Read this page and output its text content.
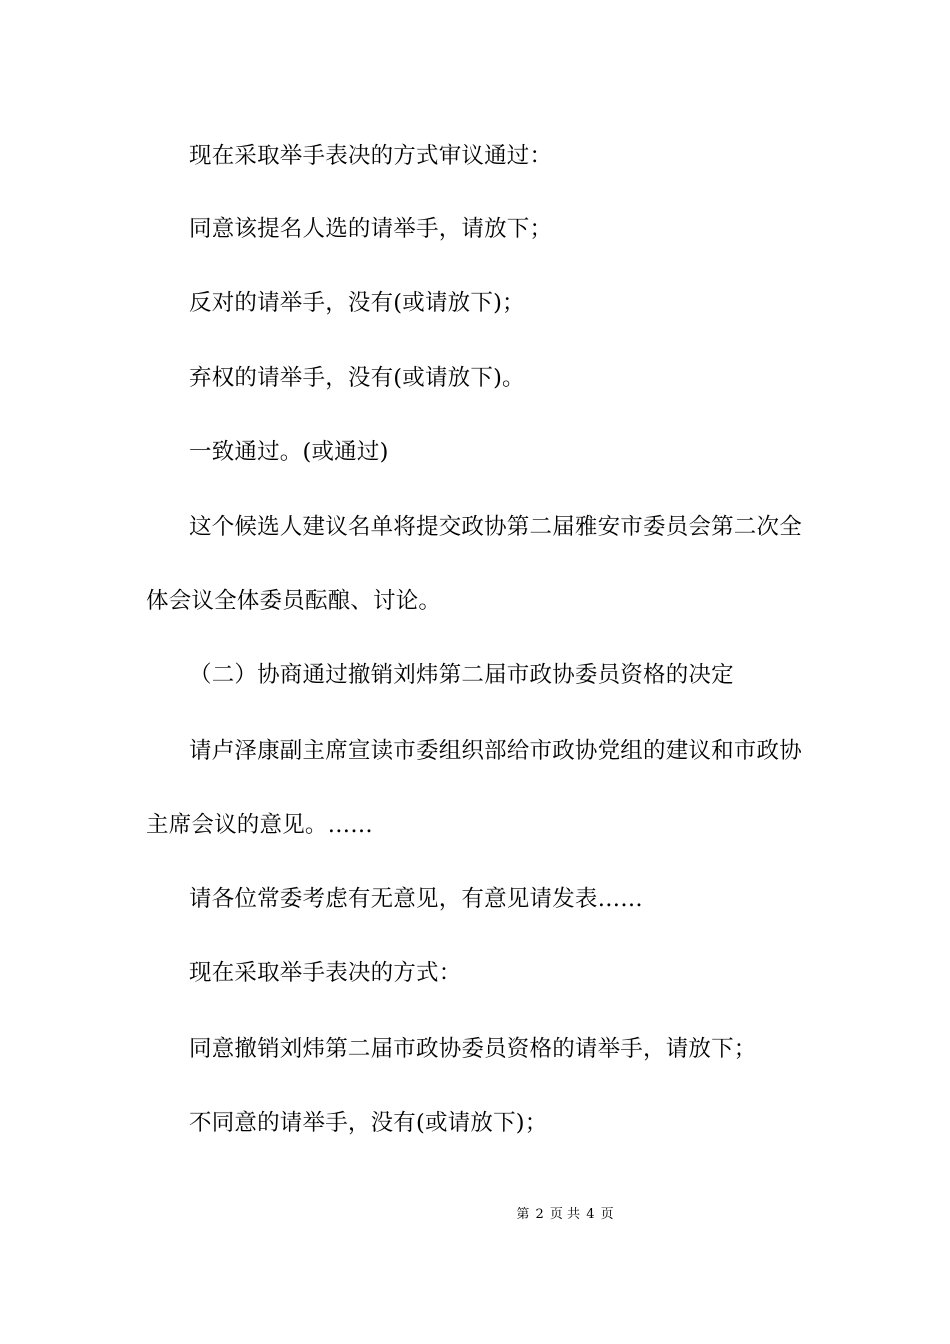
现在采取举手表决的方式审议通过：
同意该提名人选的请举手，请放下；
反对的请举手，没有(或请放下)；
弃权的请举手，没有(或请放下)。
一致通过。(或通过)
这个候选人建议名单将提交政协第二届雅安市委员会第二次全
体会议全体委员酝酿、讨论。
（二）协商通过撤销刘炜第二届市政协委员资格的决定
请卢泽康副主席宣读市委组织部给市政协党组的建议和市政协
主席会议的意见。……
请各位常委考虑有无意见，有意见请发表……
现在采取举手表决的方式：
同意撤销刘炜第二届市政协委员资格的请举手，请放下；
不同意的请举手，没有(或请放下)；
第 2 页 共 4 页
